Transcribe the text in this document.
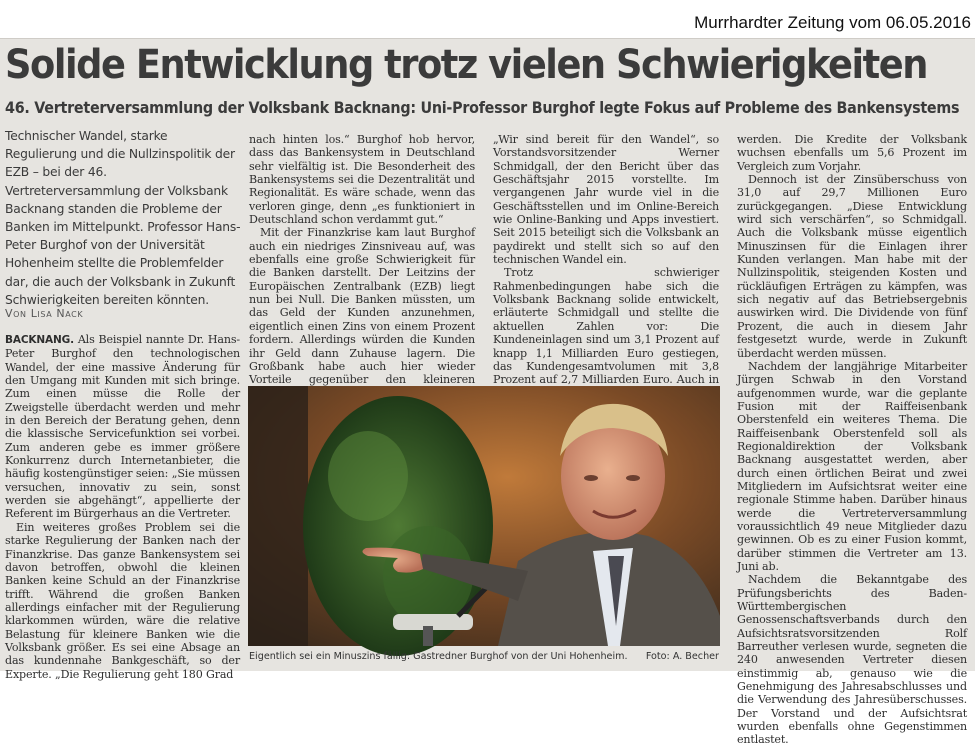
Murrhardter Zeitung vom 06.05.2016
Solide Entwicklung trotz vielen Schwierigkeiten
46. Vertreterversammlung der Volksbank Backnang: Uni-Professor Burghof legte Fokus auf Probleme des Bankensystems
Technischer Wandel, starke Regulierung und die Nullzinspolitik der EZB – bei der 46. Vertreterversammlung der Volksbank Backnang standen die Probleme der Banken im Mittelpunkt. Professor Hans-Peter Burghof von der Universität Hohenheim stellte die Problemfelder dar, die auch der Volksbank in Zukunft Schwierigkeiten bereiten könnten.
Von Lisa Nack

BACKNANG. Als Beispiel nannte Dr. Hans-Peter Burghof den technologischen Wandel, der eine massive Änderung für den Umgang mit Kunden mit sich bringe. Zum einen müsse die Rolle der Zweigstelle überdacht werden und mehr in den Bereich der Beratung gehen, denn die klassische Servicefunktion sei vorbei. Zum anderen gebe es immer größere Konkurrenz durch Internetanbieter, die häufig kostengünstiger seien: „Sie müssen versuchen, innovativ zu sein, sonst werden sie abgehängt“, appellierte der Referent im Bürgerhaus an die Vertreter.

Ein weiteres großes Problem sei die starke Regulierung der Banken nach der Finanzkrise. Das ganze Bankensystem sei davon betroffen, obwohl die kleinen Banken keine Schuld an der Finanzkrise trifft. Während die großen Banken allerdings einfacher mit der Regulierung klarkommen würden, wäre die relative Belastung für kleinere Banken wie die Volksbank größer. Es sei eine Absage an das kundennahe Bankgeschäft, so der Experte. „Die Regulierung geht 180 Grad

nach hinten los.“ Burghof hob hervor, dass das Bankensystem in Deutschland sehr vielfältig ist. Die Besonderheit des Bankensystems sei die Dezentralität und Regionalität. Es wäre schade, wenn das verloren ginge, denn „es funktioniert in Deutschland schon verdammt gut.“

Mit der Finanzkrise kam laut Burghof auch ein niedriges Zinsniveau auf, was ebenfalls eine große Schwierigkeit für die Banken darstellt. Der Leitzins der Europäischen Zentralbank (EZB) liegt nun bei Null. Die Banken müssten, um das Geld der Kunden anzunehmen, eigentlich einen Zins von einem Prozent fordern. Allerdings würden die Kunden ihr Geld dann Zuhause lagern. Die Großbank habe auch hier wieder Vorteile gegenüber den kleineren

„Wir sind bereit für den Wandel“, so Vorstandsvorsitzender Werner Schmidgall, der den Bericht über das Geschäftsjahr 2015 vorstellte. Im vergangenen Jahr wurde viel in die Geschäftsstellen und im Online-Bereich wie Online-Banking und Apps investiert. Seit 2015 beteiligt sich die Volksbank an paydirekt und stellt sich so auf den technischen Wandel ein.

Trotz schwieriger Rahmenbedingungen habe sich die Volksbank Backnang solide entwickelt, erläuterte Schmidgall und stellte die aktuellen Zahlen vor: Die Kundeneinlagen sind um 3,1 Prozent auf knapp 1,1 Milliarden Euro gestiegen, das Kundengesamtvolumen mit 3,8 Prozent auf 2,7 Milliarden Euro. Auch in

werden. Die Kredite der Volksbank wuchsen ebenfalls um 5,6 Prozent im Vergleich zum Vorjahr.

Dennoch ist der Zinsüberschuss von 31,0 auf 29,7 Millionen Euro zurückgegangen. „Diese Entwicklung wird sich verschärfen“, so Schmidgall. Auch die Volksbank müsse eigentlich Minuszinsen für die Einlagen ihrer Kunden verlangen. Man habe mit der Nullzinspolitik, steigenden Kosten und rückläufigen Erträgen zu kämpfen, was sich negativ auf das Betriebsergebnis auswirken wird. Die Dividende von fünf Prozent, die auch in diesem Jahr festgesetzt wurde, werde in Zukunft überdacht werden müssen.

Nachdem der langjährige Mitarbeiter Jürgen Schwab in den Vorstand aufgenommen wurde, war die geplante Fusion mit der Raiffeisenbank Oberstenfeld ein weiteres Thema. Die Raiffeisenbank Oberstenfeld soll als Regionaldirektion der Volksbank Backnang ausgestattet werden, aber durch einen örtlichen Beirat und zwei Mitgliedern im Aufsichtsrat weiter eine regionale Stimme haben. Darüber hinaus werde die Vertreterversammlung voraussichtlich 49 neue Mitglieder dazu gewinnen. Ob es zu einer Fusion kommt, darüber stimmen die Vertreter am 13. Juni ab.

Nachdem die Bekanntgabe des Prüfungsberichts des Baden-Württembergischen Genossenschaftsverbands durch den Aufsichtsratsvorsitzenden Rolf Barreuther verlesen wurde, segneten die 240 anwesenden Vertreter diesen einstimmig ab, genauso wie die Genehmigung des Jahresabschlusses und die Verwendung des Jahresüberschusses. Der Vorstand und der Aufsichtsrat wurden ebenfalls ohne Gegenstimmen entlastet.

Eigentlich sei ein Minuszins fällig: Gastredner Burghof von der Uni Hohenheim. Foto: A. Becher
